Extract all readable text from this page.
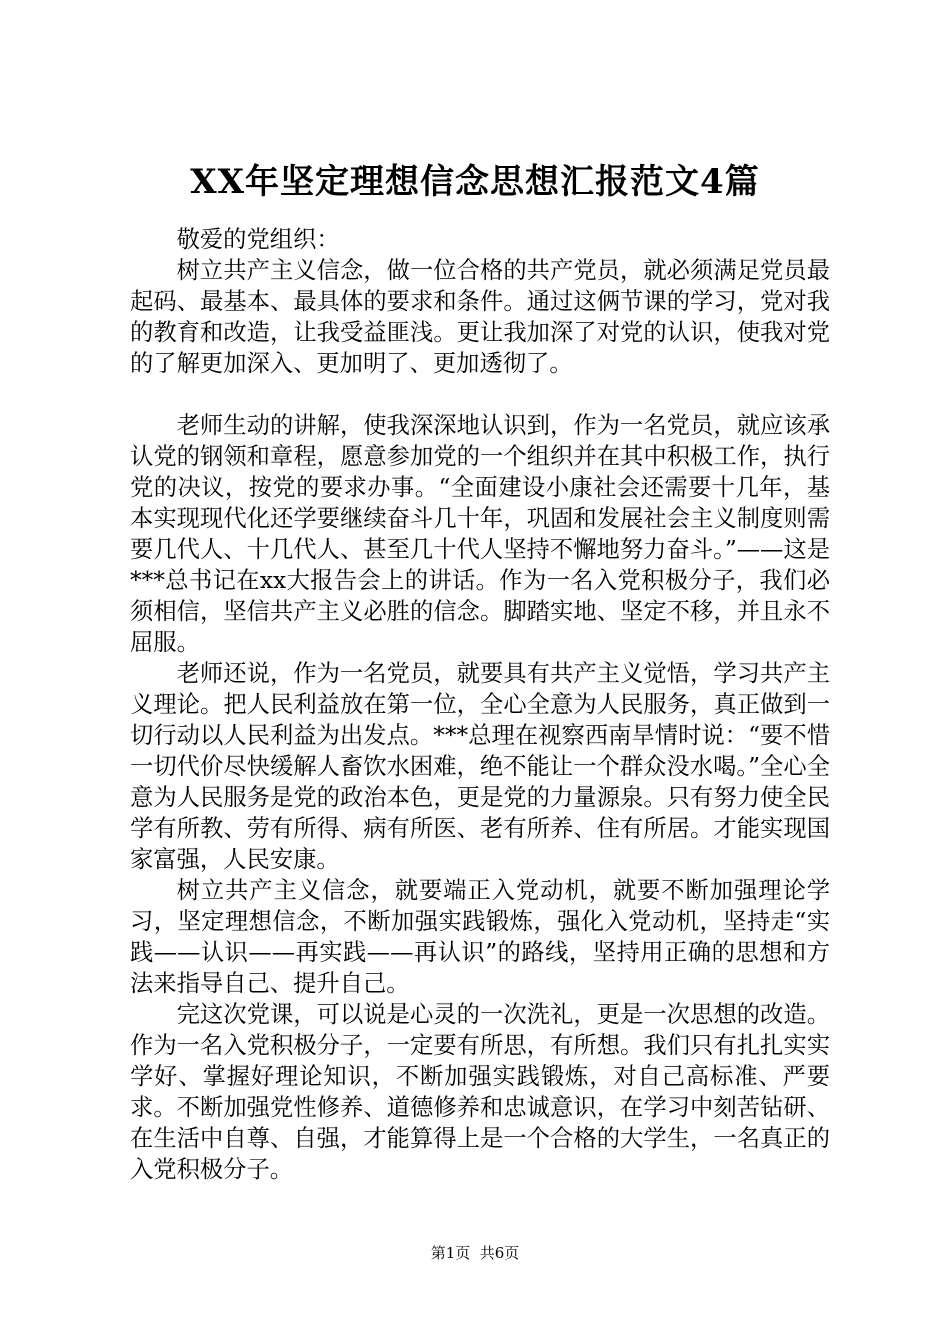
XX年坚定理想信念思想汇报范文4篇

敬爱的党组织：

树立共产主义信念，做一位合格的共产党员，就必须满足党员最起码、最基本、最具体的要求和条件。通过这俩节课的学习，党对我的教育和改造，让我受益匪浅。更让我加深了对党的认识，使我对党的了解更加深入、更加明了、更加透彻了。

老师生动的讲解，使我深深地认识到，作为一名党员，就应该承认党的钢领和章程，愿意参加党的一个组织并在其中积极工作，执行党的决议，按党的要求办事。“全面建设小康社会还需要十几年，基本实现现代化还学要继续奋斗几十年，巩固和发展社会主义制度则需要几代人、十几代人、甚至几十代人坚持不懈地努力奋斗。”——这是***总书记在xx大报告会上的讲话。作为一名入党积极分子，我们必须相信，坚信共产主义必胜的信念。脚踏实地、坚定不移，并且永不屈服。

老师还说，作为一名党员，就要具有共产主义觉悟，学习共产主义理论。把人民利益放在第一位，全心全意为人民服务，真正做到一切行动以人民利益为出发点。***总理在视察西南旱情时说：“要不惜一切代价尽快缓解人畜饮水困难，绝不能让一个群众没水喝。”全心全意为人民服务是党的政治本色，更是党的力量源泉。只有努力使全民学有所教、劳有所得、病有所医、老有所养、住有所居。才能实现国家富强，人民安康。

树立共产主义信念，就要端正入党动机，就要不断加强理论学习，坚定理想信念，不断加强实践锻炼，强化入党动机，坚持走“实践——认识——再实践——再认识”的路线，坚持用正确的思想和方法来指导自己、提升自己。

完这次党课，可以说是心灵的一次洗礼，更是一次思想的改造。作为一名入党积极分子，一定要有所思，有所想。我们只有扎扎实实学好、掌握好理论知识，不断加强实践锻炼，对自己高标准、严要求。不断加强党性修养、道德修养和忠诚意识，在学习中刻苦钻研、在生活中自尊、自强，才能算得上是一个合格的大学生，一名真正的入党积极分子。

第1页  共6页
